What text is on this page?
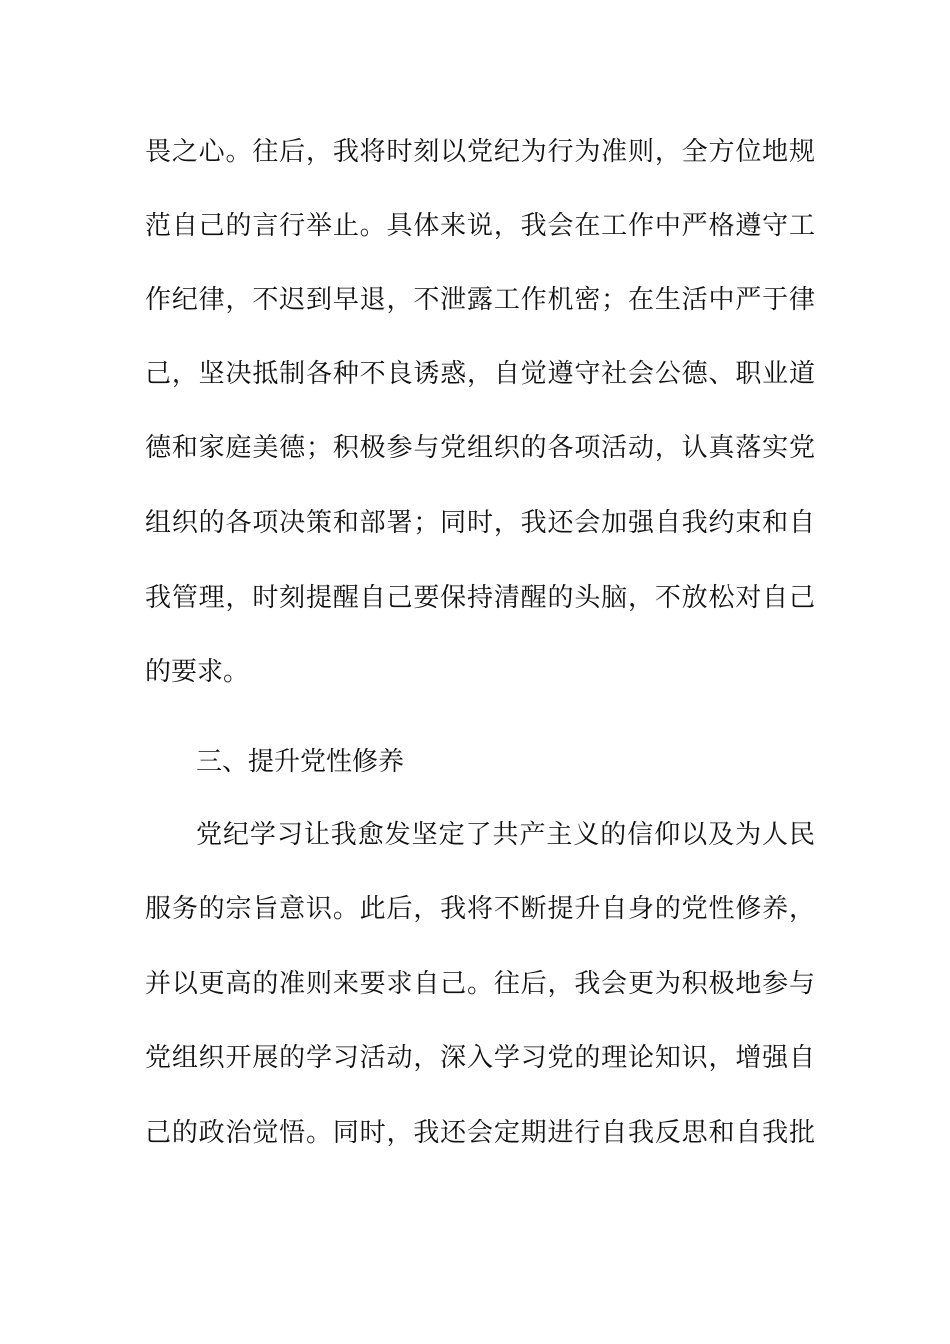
畏之心。往后，我将时刻以党纪为行为准则，全方位地规
范自己的言行举止。具体来说，我会在工作中严格遵守工
作纪律，不迟到早退，不泄露工作机密；在生活中严于律
己，坚决抵制各种不良诱惑，自觉遵守社会公德、职业道
德和家庭美德；积极参与党组织的各项活动，认真落实党
组织的各项决策和部署；同时，我还会加强自我约束和自
我管理，时刻提醒自己要保持清醒的头脑，不放松对自己
的要求。
三、提升党性修养
党纪学习让我愈发坚定了共产主义的信仰以及为人民
服务的宗旨意识。此后，我将不断提升自身的党性修养，
并以更高的准则来要求自己。往后，我会更为积极地参与
党组织开展的学习活动，深入学习党的理论知识，增强自
己的政治觉悟。同时，我还会定期进行自我反思和自我批
